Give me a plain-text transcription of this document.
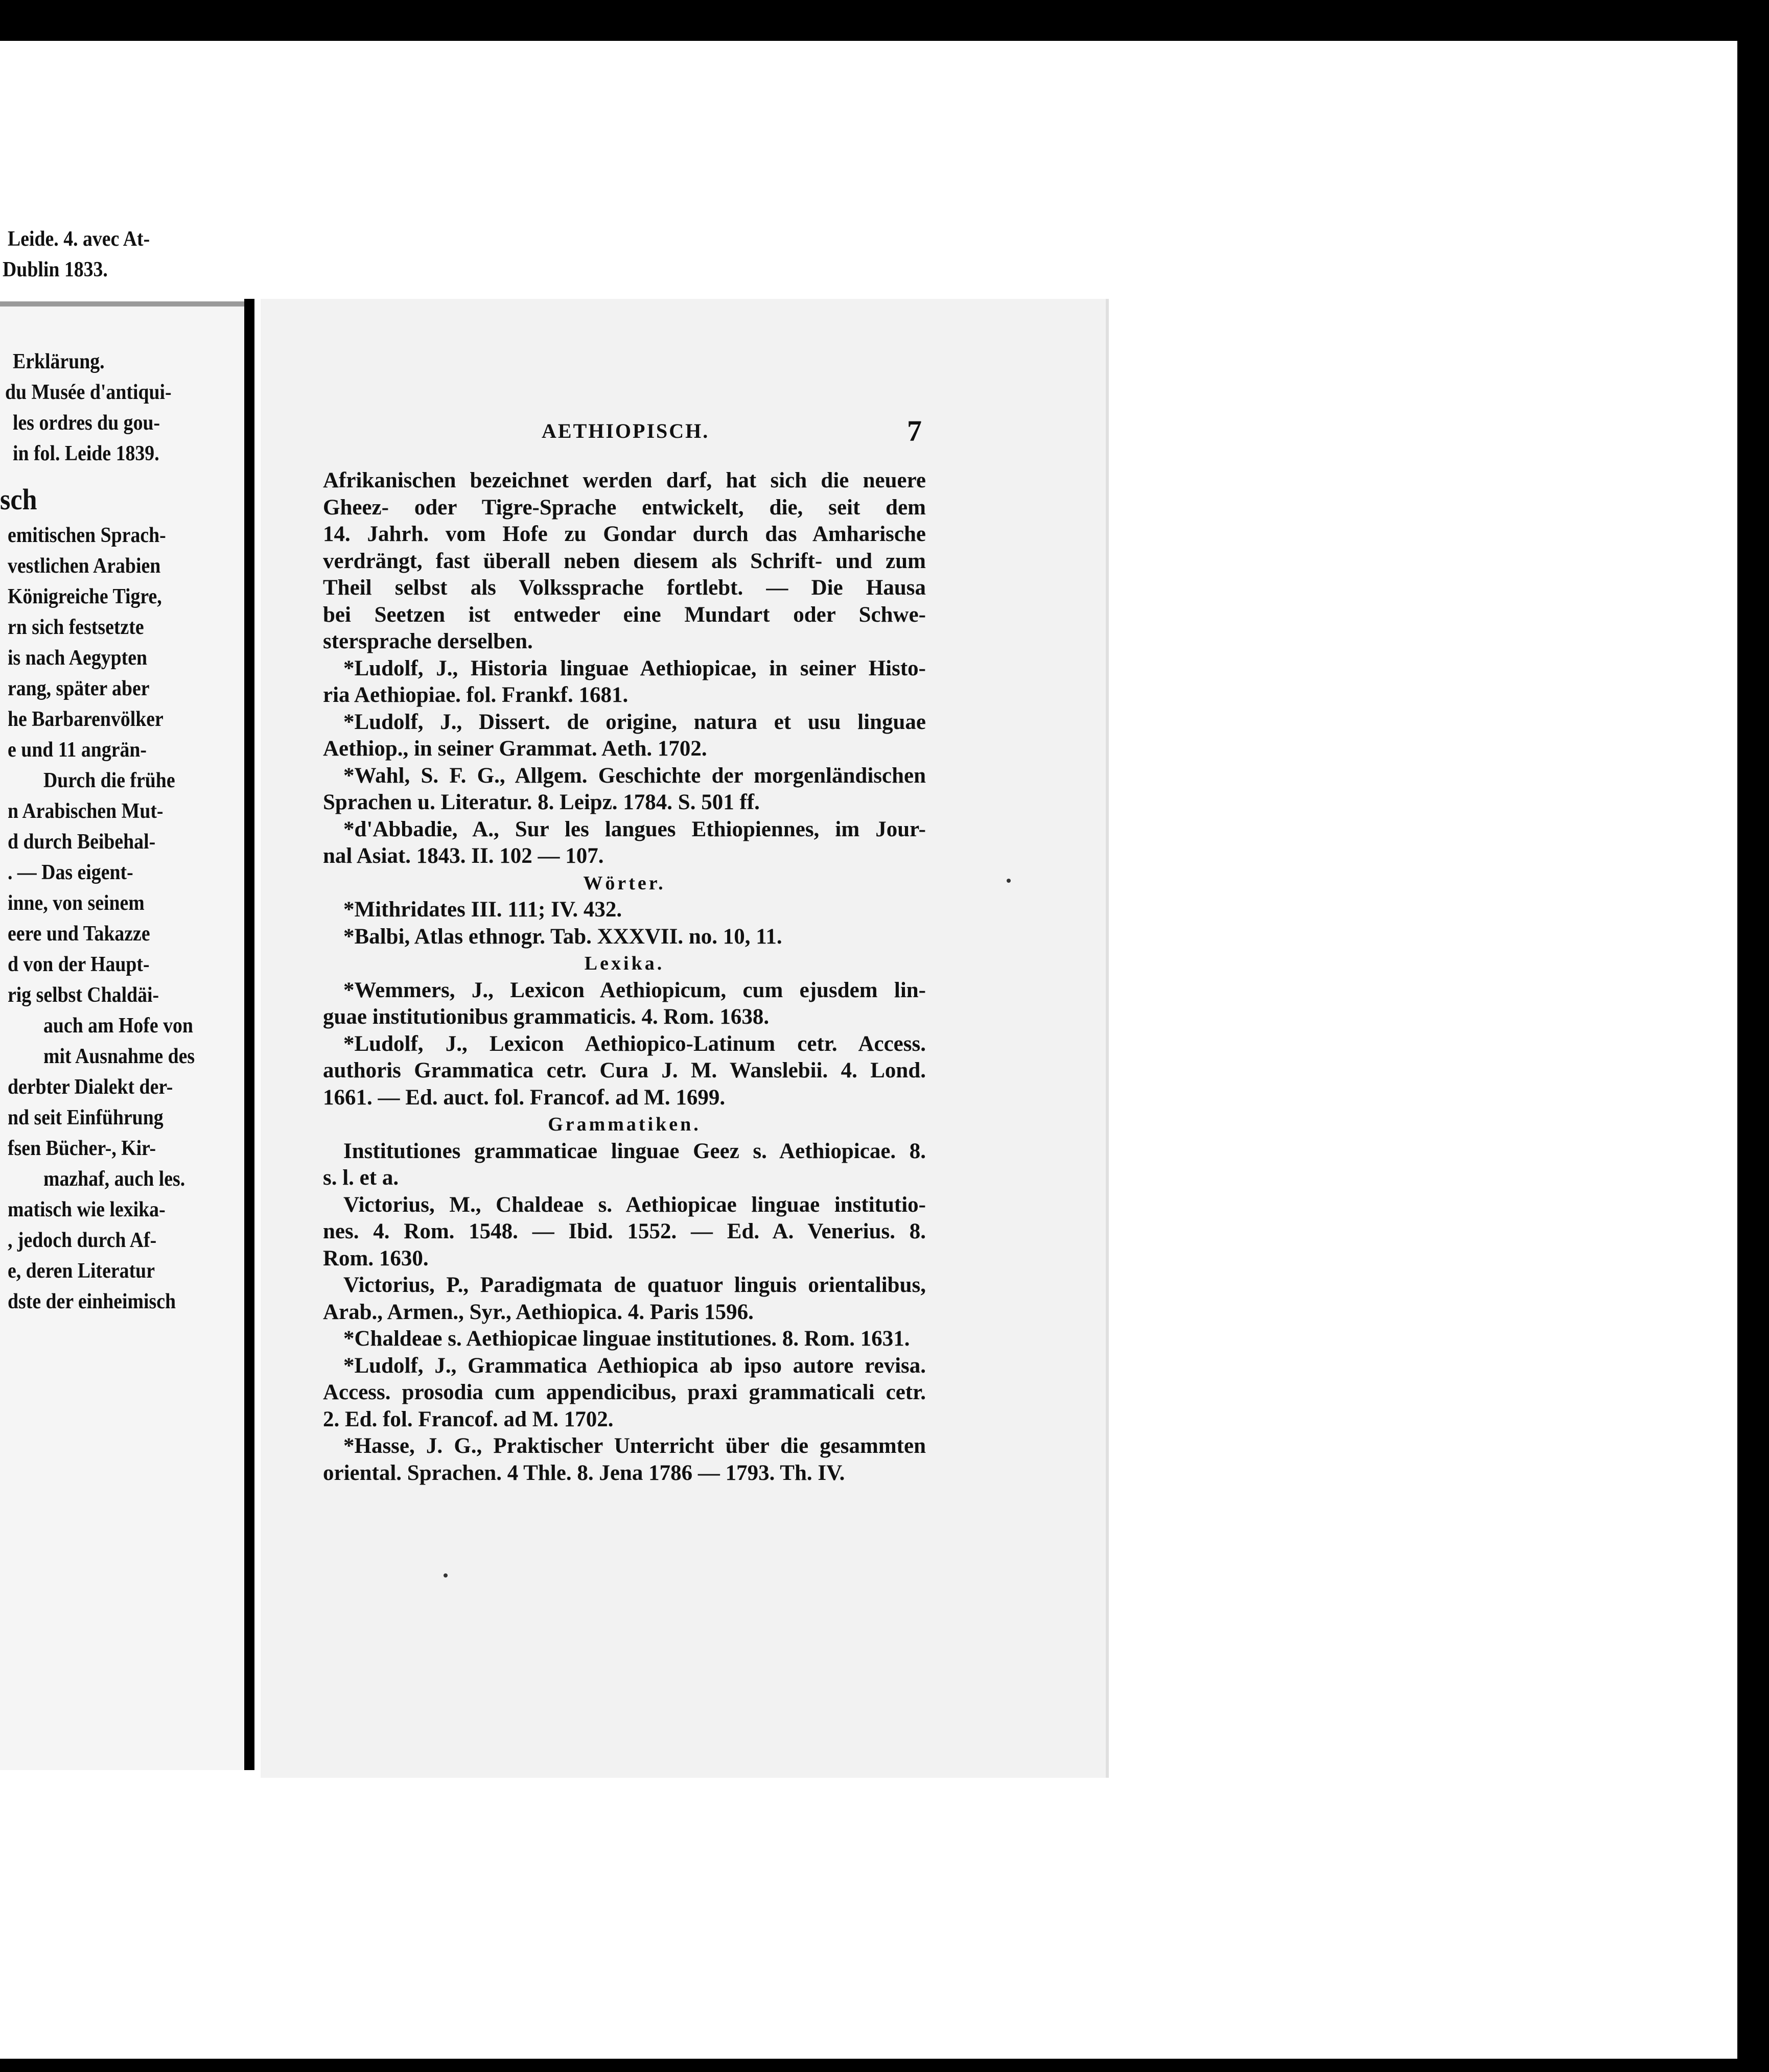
Leide. 4. avec At-
Dublin 1833.
Erklärung.
du Musée d'antiqui-
les ordres du gou-
in fol. Leide 1839.
sch
emitischen Sprach-
vestlichen Arabien
Königreiche Tigre,
rn sich festsetzte
is nach Aegypten
rang, später aber
he Barbarenvölker
e und 11 angrän-
Durch die frühe
n Arabischen Mut-
d durch Beibehal-
. — Das eigent-
inne, von seinem
eere und Takazze
d von der Haupt-
rig selbst Chaldäi-
auch am Hofe von
mit Ausnahme des
derbter Dialekt der-
nd seit Einführung
fsen Bücher-, Kir-
mazhaf, auch les.
matisch wie lexika-
, jedoch durch Af-
e, deren Literatur
dste der einheimisch
AETHIOPISCH.	7
Afrikanischen bezeichnet werden darf, hat sich die neuere
Gheez- oder Tigre-Sprache entwickelt, die, seit dem
14. Jahrh. vom Hofe zu Gondar durch das Amharische
verdrängt, fast überall neben diesem als Schrift- und zum
Theil selbst als Volkssprache fortlebt. — Die Hausa
bei Seetzen ist entweder eine Mundart oder Schwe-
stersprache derselben.
*Ludolf, J., Historia linguae Aethiopicae, in seiner Histo-
ria Aethiopiae. fol. Frankf. 1681.
*Ludolf, J., Dissert. de origine, natura et usu linguae
Aethiop., in seiner Grammat. Aeth. 1702.
*Wahl, S. F. G., Allgem. Geschichte der morgenländischen
Sprachen u. Literatur. 8. Leipz. 1784. S. 501 ff.
*d'Abbadie, A., Sur les langues Ethiopiennes, im Jour-
nal Asiat. 1843. II. 102 — 107.
Wörter.
*Mithridates III. 111; IV. 432.
*Balbi, Atlas ethnogr. Tab. XXXVII. no. 10, 11.
Lexika.
*Wemmers, J., Lexicon Aethiopicum, cum ejusdem lin-
guae institutionibus grammaticis. 4. Rom. 1638.
*Ludolf, J., Lexicon Aethiopico-Latinum cetr. Access.
authoris Grammatica cetr. Cura J. M. Wanslebii. 4. Lond.
1661. — Ed. auct. fol. Francof. ad M. 1699.
Grammatiken.
Institutiones grammaticae linguae Geez s. Aethiopicae. 8.
s. l. et a.
Victorius, M., Chaldeae s. Aethiopicae linguae institutio-
nes. 4. Rom. 1548. — Ibid. 1552. — Ed. A. Venerius. 8.
Rom. 1630.
Victorius, P., Paradigmata de quatuor linguis orientalibus,
Arab., Armen., Syr., Aethiopica. 4. Paris 1596.
*Chaldeae s. Aethiopicae linguae institutiones. 8. Rom. 1631.
*Ludolf, J., Grammatica Aethiopica ab ipso autore revisa.
Access. prosodia cum appendicibus, praxi grammaticali cetr.
2. Ed. fol. Francof. ad M. 1702.
*Hasse, J. G., Praktischer Unterricht über die gesammten
oriental. Sprachen. 4 Thle. 8. Jena 1786 — 1793. Th. IV.
